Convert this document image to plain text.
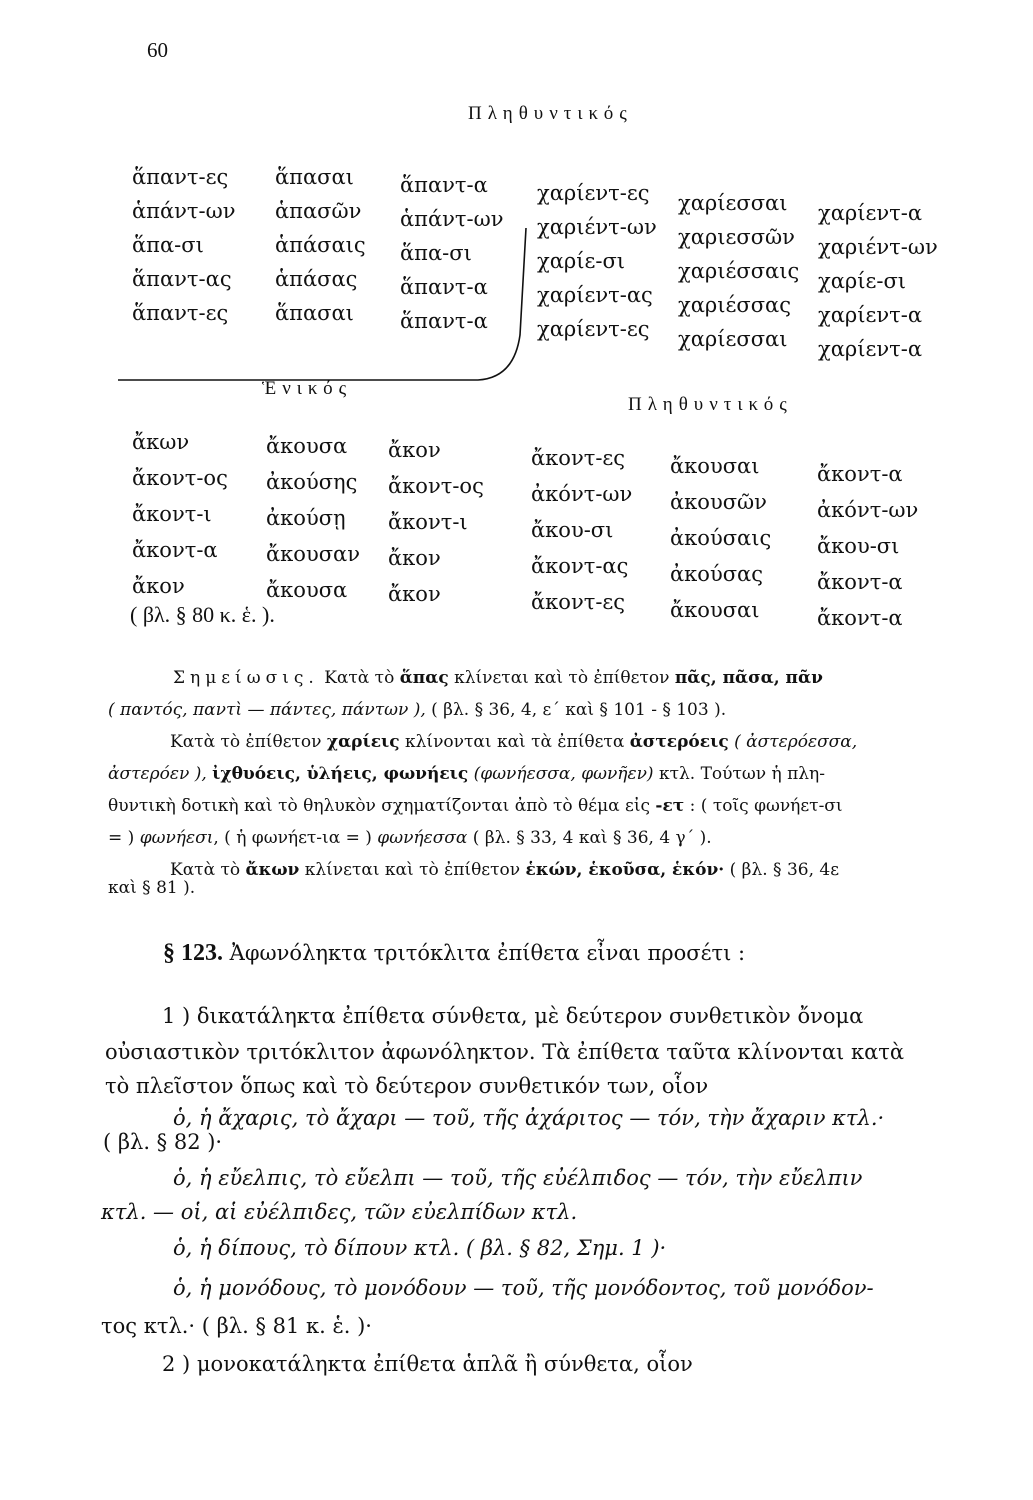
60
Πληθυντικός
ἅπαντ-ες
ἁπάντ-ων
ἅπα-σι
ἅπαντ-ας
ἅπαντ-ες
ἅπασαι
ἁπασῶν
ἁπάσαις
ἁπάσας
ἅπασαι
ἅπαντ-α
ἁπάντ-ων
ἅπα-σι
ἅπαντ-α
ἅπαντ-α
χαρίεντ-ες
χαριέντ-ων
χαρίε-σι
χαρίεντ-ας
χαρίεντ-ες
χαρίεσσαι
χαριεσσῶν
χαριέσσαις
χαριέσσας
χαρίεσσαι
χαρίεντ-α
χαριέντ-ων
χαρίε-σι
χαρίεντ-α
χαρίεντ-α
Ἑνικός
Πληθυντικός
ἄκων
ἄκοντ-ος
ἄκοντ-ι
ἄκοντ-α
ἄκον
( βλ. § 80 κ. ἑ. ).
ἄκουσα
ἀκούσης
ἀκούσῃ
ἄκουσαν
ἄκουσα
ἄκον
ἄκοντ-ος
ἄκοντ-ι
ἄκον
ἄκον
ἄκοντ-ες
ἀκόντ-ων
ἄκου-σι
ἄκοντ-ας
ἄκοντ-ες
ἄκουσαι
ἀκουσῶν
ἀκούσαις
ἀκούσας
ἄκουσαι
ἄκοντ-α
ἀκόντ-ων
ἄκου-σι
ἄκοντ-α
ἄκοντ-α
Σημείωσις. Κατὰ τὸ ἅπας κλίνεται καὶ τὸ ἐπίθετον πᾶς, πᾶσα, πᾶν
( παντός, παντὶ — πάντες, πάντων ), ( βλ. § 36, 4, ε΄ καὶ § 101 - § 103 ).
Κατὰ τὸ ἐπίθετον χαρίεις κλίνονται καὶ τὰ ἐπίθετα ἀστερόεις ( ἀστερόεσσα,
ἀστερόεν ), ἰχθυόεις, ὑλήεις, φωνήεις (φωνήεσσα, φωνῆεν) κτλ. Τούτων ἡ πλη-
θυντικὴ δοτικὴ καὶ τὸ θηλυκὸν σχηματίζονται ἀπὸ τὸ θέμα εἰς -ετ : ( τοῖς φωνήετ-σι
= ) φωνήεσι, ( ἡ φωνήετ-ια = ) φωνήεσσα ( βλ. § 33, 4 καὶ § 36, 4 γ΄ ).
Κατὰ τὸ ἄκων κλίνεται καὶ τὸ ἐπίθετον ἑκών, ἑκοῦσα, ἑκόν· ( βλ. § 36, 4ε
καὶ § 81 ).
§ 123. Ἀφωνόληκτα τριτόκλιτα ἐπίθετα εἶναι προσέτι :
1 ) δικατάληκτα ἐπίθετα σύνθετα, μὲ δεύτερον συνθετικὸν ὄνομα
οὐσιαστικὸν τριτόκλιτον ἀφωνόληκτον. Τὰ ἐπίθετα ταῦτα κλίνονται κατὰ
τὸ πλεῖστον ὅπως καὶ τὸ δεύτερον συνθετικόν των, οἷον
ὁ, ἡ ἄχαρις, τὸ ἄχαρι — τοῦ, τῆς ἀχάριτος — τόν, τὴν ἄχαριν κτλ.·
( βλ. § 82 )·
ὁ, ἡ εὔελπις, τὸ εὔελπι — τοῦ, τῆς εὐέλπιδος — τόν, τὴν εὔελπιν
κτλ. — οἱ, αἱ εὐέλπιδες, τῶν εὐελπίδων κτλ.
ὁ, ἡ δίπους, τὸ δίπουν κτλ. ( βλ. § 82, Σημ. 1 )·
ὁ, ἡ μονόδους, τὸ μονόδουν — τοῦ, τῆς μονόδοντος, τοῦ μονόδον-
τος κτλ.· ( βλ. § 81 κ. ἑ. )·
2 ) μονοκατάληκτα ἐπίθετα ἁπλᾶ ἢ σύνθετα, οἷον
